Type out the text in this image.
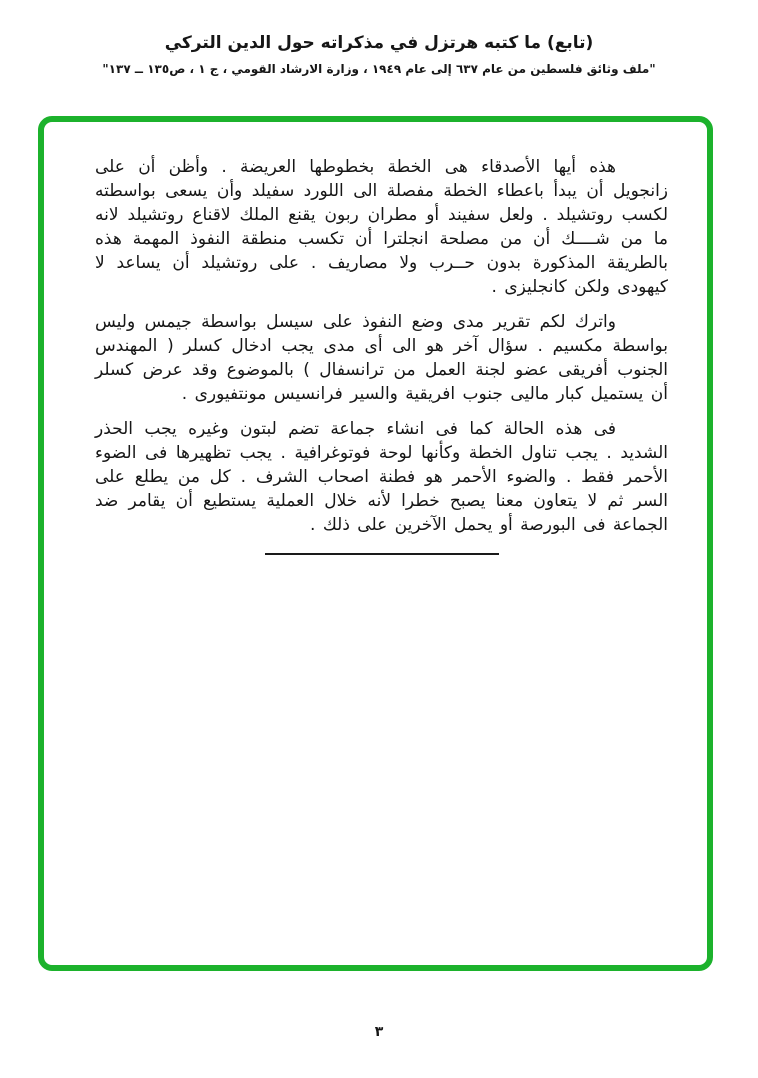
(تابع) ما كتبه هرتزل في مذكراته حول الدين التركي
"ملف وثائق فلسطين من عام ٦٣٧ إلى عام ١٩٤٩ ، وزارة الارشاد القومي ، ج ١ ، ص١٣٥ ــ ١٣٧"

هذه أيها الأصدقاء هى الخطة بخطوطها العريضة . وأظن أن على زانجويل أن يبدأ باعطاء الخطة مفصلة الى اللورد سفيلد وأن يسعى بواسطته لكسب روتشيلد . ولعل سفيند أو مطران ربون يقنع الملك لاقناع روتشيلد لانه ما من شــــك أن من مصلحة انجلترا أن تكسب منطقة النفوذ المهمة هذه بالطريقة المذكورة بدون حــرب ولا مصاريف . على روتشيلد أن يساعد لا كيهودى ولكن كانجليزى .

واترك لكم تقرير مدى وضع النفوذ على سيسل بواسطة جيمس وليس بواسطة مكسيم . سؤال آخر هو الى أى مدى يجب ادخال كسلر ( المهندس الجنوب أفريقى عضو لجنة العمل من ترانسفال ) بالموضوع وقد عرض كسلر أن يستميل كبار ماليى جنوب افريقية والسير فرانسيس مونتفيورى .

فى هذه الحالة كما فى انشاء جماعة تضم لبتون وغيره يجب الحذر الشديد . يجب تناول الخطة وكأنها لوحة فوتوغرافية . يجب تظهيرها فى الضوء الأحمر فقط . والضوء الأحمر هو فطنة اصحاب الشرف . كل من يطلع على السر ثم لا يتعاون معنا يصبح خطرا لأنه خلال العملية يستطيع أن يقامر ضد الجماعة فى البورصة أو يحمل الآخرين على ذلك .

٣
